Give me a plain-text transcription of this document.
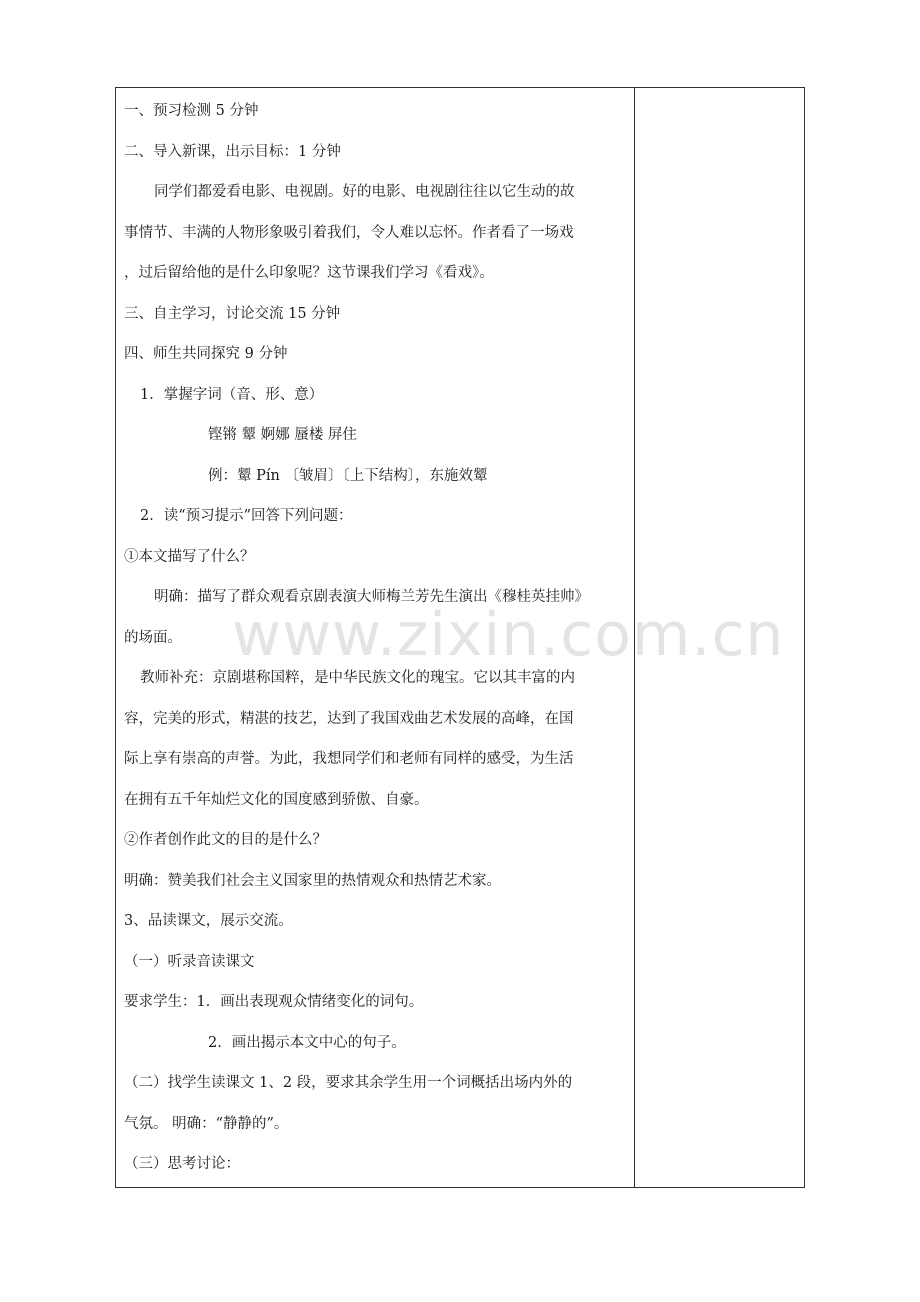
一、预习检测 5 分钟
二、导入新课，出示目标：1 分钟
同学们都爱看电影、电视剧。好的电影、电视剧往往以它生动的故
事情节、丰满的人物形象吸引着我们，令人难以忘怀。作者看了一场戏
，过后留给他的是什么印象呢？这节课我们学习《看戏》。
三、自主学习，讨论交流 15 分钟
四、师生共同探究 9 分钟
1．掌握字词（音、形、意）
铿锵 颦 婀娜 蜃楼 屏住
例：颦 Pín 〔皱眉〕〔上下结构〕，东施效颦
2．读“预习提示”回答下列问题：
①本文描写了什么？
明确：描写了群众观看京剧表演大师梅兰芳先生演出《穆桂英挂帅》
的场面。
教师补充：京剧堪称国粹，是中华民族文化的瑰宝。它以其丰富的内
容，完美的形式，精湛的技艺，达到了我国戏曲艺术发展的高峰，在国
际上享有崇高的声誉。为此，我想同学们和老师有同样的感受，为生活
在拥有五千年灿烂文化的国度感到骄傲、自豪。
②作者创作此文的目的是什么？
明确：赞美我们社会主义国家里的热情观众和热情艺术家。
3、品读课文，展示交流。
（一）听录音读课文
要求学生：1．画出表现观众情绪变化的词句。
2．画出揭示本文中心的句子。
（二）找学生读课文 1、2 段，要求其余学生用一个词概括出场内外的
气氛。 明确：“静静的”。
（三）思考讨论：
www.zixin.com.cn
